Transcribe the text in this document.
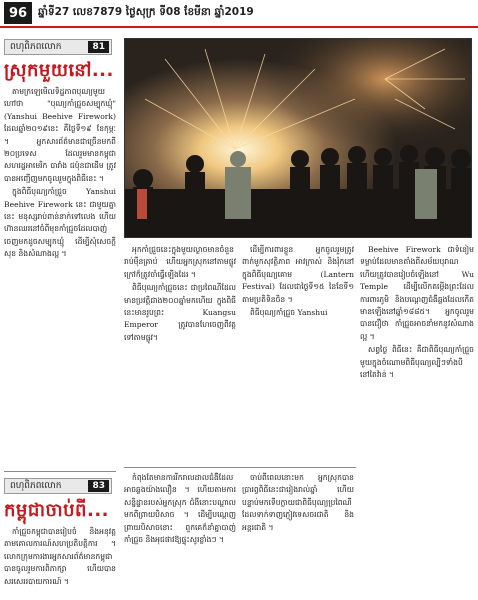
96	ឆ្នាំទី27 លេខ7879 ថ្ងៃសុក្រ ទី08 ខែមីនា ឆ្នាំ2019
ពហុពិភពលោក	81
ស្រុកមួយនៅ...

តាមក្រឡេមើលទិដ្ឋភាពបុណ្យមួយហៅថា "បុណ្យកាំជ្រួចសម្បុកឃ្មុំ" (Yanshui Beehive Firework) ដែលឆ្នាំ២០១៩នេះ គឺថ្ងៃទី១៩ ខែកុម្ភៈ ។ អ្នកសារព័ត៌មានជាច្រើនមកពី ២០ប្រទេស ដែលរួមមានកម្ពុជា សហរដ្ឋអាមេរិក បារាំង ជប៉ុនជាដើម ត្រូវបានអញ្ជើញមកចូលរួមក្នុងពិធីនេះ ។

ក្នុងពិធីបុណ្យកាំជ្រួច Yanshui Beehive Firework នេះ ជាមួយគ្នានេះ មនុស្សរាប់ពាន់នាក់ទៅលេង ហើយហ៊ានឈរនៅចំពីមុខកាំជ្រួចដែលបាញ់ចេញមកដូចសម្បុកឃ្មុំ ដើម្បីសុំសេចក្តីសុខ និងសំណាងល្អ ។	អុកកាំជ្រួចនេះក្នុងមួយល្ងាចមានចំនួនរាប់ម៉ឺនគ្រាប់ ហើយអ្នកស្រុកនៅតាមផ្លូវក្រៅក៏ត្រូវចាំធ្វើឡើងដែរ ។

ពិធីបុណ្យកាំជ្រួចនេះ ជាប្រពៃណីដែលមានប្រវត្តិជាង២០០ឆ្នាំមកហើយ ក្នុងពិធីនេះមានរូបព្រះ Kuangsu Emperor ត្រូវបានហែចេញពីវត្តទៅតាមផ្លូវ។

ដើម្បីការពារខ្លួន អ្នកចូលរួមត្រូវពាក់មួកសុវត្ថិភាព អាវក្រាស់ និងរុំកនៅក្នុងពិធីបុណ្យគោម (Lantern Festival) ដែលជាថ្ងៃទី១៥ នៃខែទី១ តាមប្រតិទិនចិន ។

ពិធីបុណ្យកាំជ្រួច Yanshui

Beehive Firework ជាទំនៀមទម្លាប់ដែលមានតាំងពីសម័យបុរាណ ហើយត្រូវបានរៀបចំឡើងនៅ Wu Temple ដើម្បីលើកតម្កើងព្រះដែលការពារភូមិ និងបណ្តេញជំងឺឆ្លងដែលកើតមានឡើងនៅឆ្នាំ១៨៨៥។ អ្នកចូលរួមបានជឿថា កាំជ្រួចអាចនាំមកនូវសំណាងល្អ ។

សព្វថ្ងៃ ពិធីនេះ គឺជាពិធីបុណ្យកាំជ្រួចមួយក្នុងចំណោមពិធីបុណ្យល្បីៗទាំងបីនៅតៃវ៉ាន់ ។

កំពុងតែមានការរីករាលដាលជំងឺដែលអាចឆ្លងយ៉ាងលឿន ។ ហើយតាមការសន្និដ្ឋានរបស់អ្នកស្រុក ជំងឺនោះបណ្តាលមកពីព្រាយបិសាច ។ ដើម្បីបណ្តេញព្រាយបិសាចនោះ ពួកគេក៏នាំគ្នាបាញ់កាំជ្រួច និងអុជផាវឱ្យផ្ទុះសូរខ្លាំងៗ ។

ចាប់ពីពេលនោះមក អ្នកស្រុកបានប្រារព្ធពិធីនេះជារៀងរាល់ឆ្នាំ ហើយបន្ទាប់មកទើបក្លាយជាពិធីបុណ្យប្រពៃណីដែលទាក់ទាញភ្ញៀវទេសចរជាតិ និងអន្តរជាតិ ។

ពហុពិភពលោក	83
កម្ពុជាចាប់ពី...

កាំជ្រួចកម្ពុជាបានរៀបចំ និងអនុវត្តតាមគោលការណ៍សហប្រតិបត្តិការ ។ លោកក្រុមការងារអ្នកសារព័ត៌មានកម្ពុជា បានចូលរួមការពិភាក្សា ហើយបានសរសេររបាយការណ៍ ។
